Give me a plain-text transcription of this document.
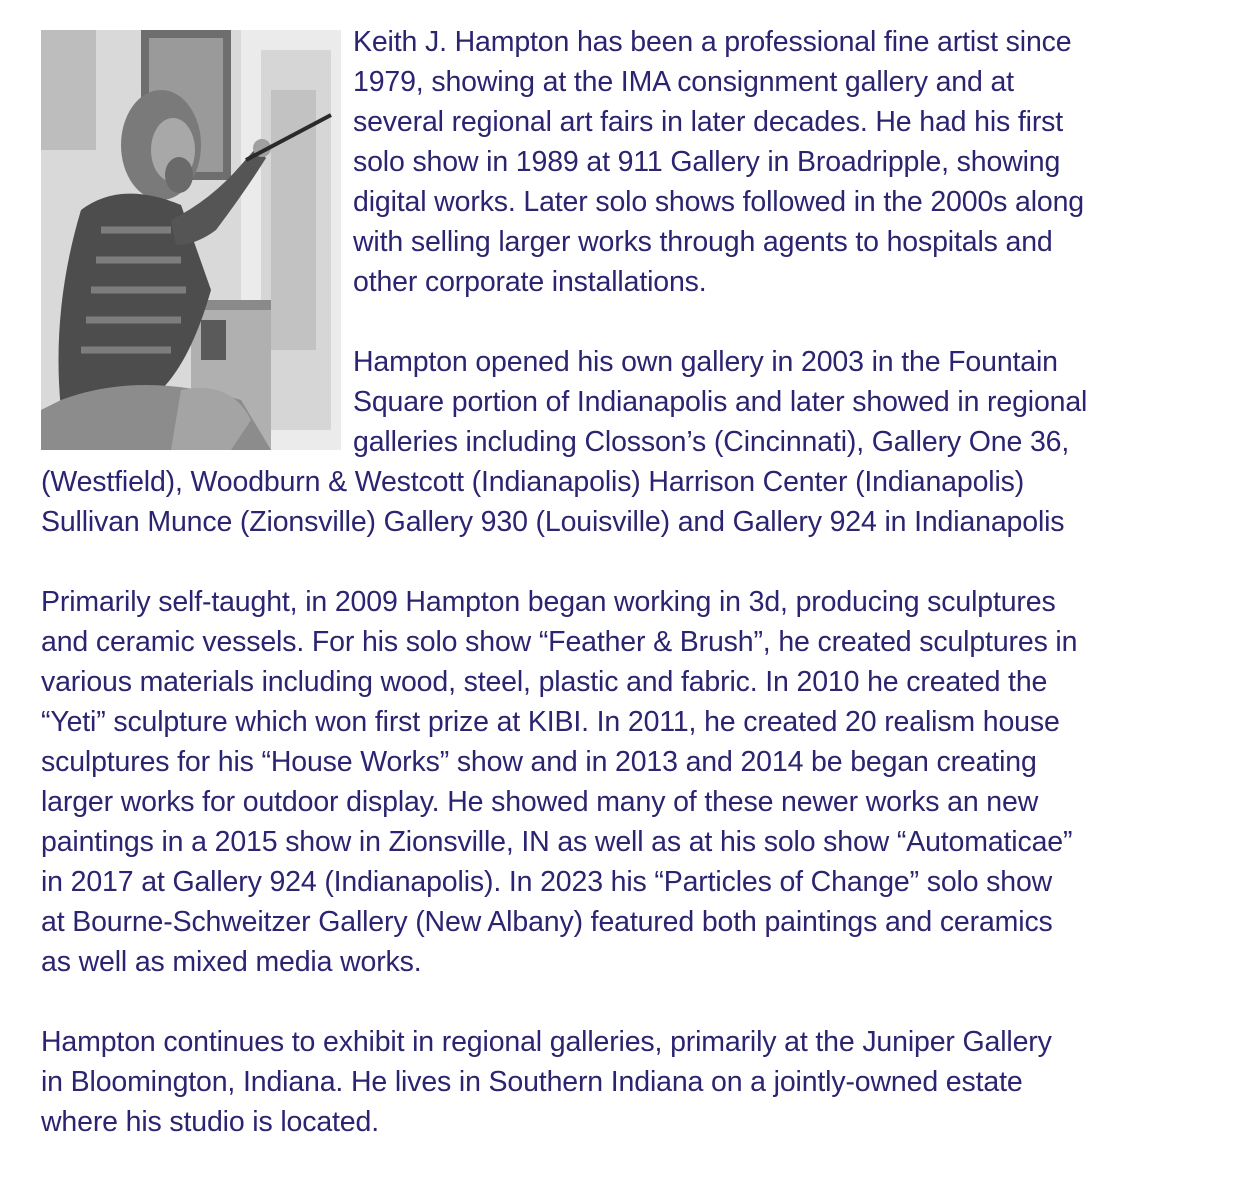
Keith J. Hampton has been a professional fine artist since
1979, showing at the IMA consignment gallery and at
several regional art fairs in later decades. He had his first
solo show in 1989 at 911 Gallery in Broadripple, showing
digital works. Later solo shows followed in the 2000s along
with selling larger works through agents to hospitals and
other corporate installations.

Hampton opened his own gallery in 2003 in the Fountain
Square portion of Indianapolis and later showed in regional
galleries including Closson’s (Cincinnati), Gallery One 36,
(Westfield), Woodburn & Westcott (Indianapolis) Harrison Center (Indianapolis)
Sullivan Munce (Zionsville) Gallery 930 (Louisville) and Gallery 924 in Indianapolis

Primarily self-taught, in 2009 Hampton began working in 3d, producing sculptures
and ceramic vessels. For his solo show “Feather & Brush”, he created sculptures in
various materials including wood, steel, plastic and fabric. In 2010 he created the
“Yeti” sculpture which won first prize at KIBI. In 2011, he created 20 realism house
sculptures for his “House Works” show and in 2013 and 2014 be began creating
larger works for outdoor display. He showed many of these newer works an new
paintings in a 2015 show in Zionsville, IN as well as at his solo show “Automaticae”
in 2017 at Gallery 924 (Indianapolis). In 2023 his “Particles of Change” solo show
at Bourne-Schweitzer Gallery (New Albany) featured both paintings and ceramics
as well as mixed media works.

Hampton continues to exhibit in regional galleries, primarily at the Juniper Gallery
in Bloomington, Indiana. He lives in Southern Indiana on a jointly-owned estate
where his studio is located.
